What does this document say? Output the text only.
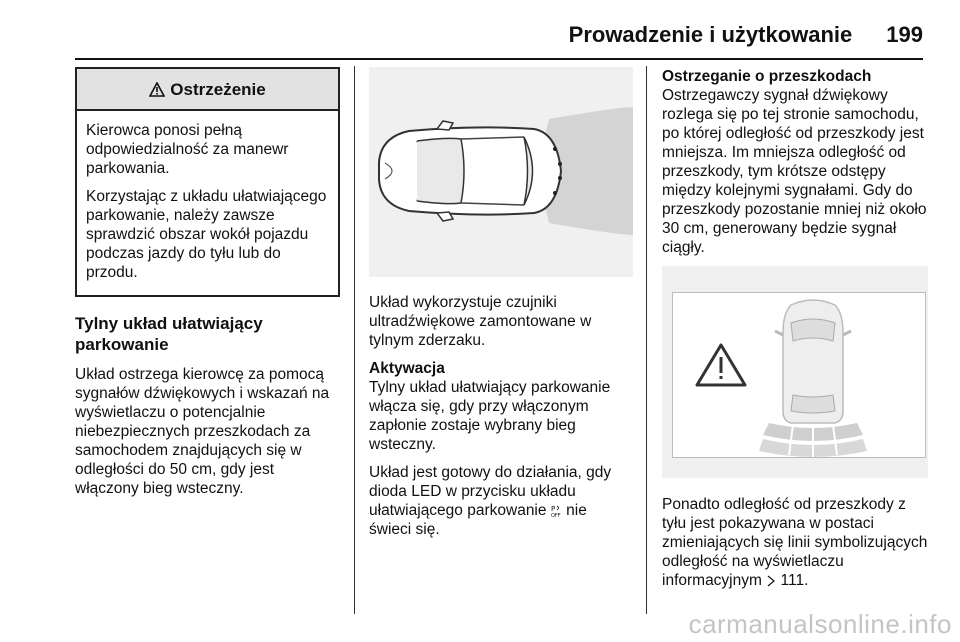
Prowadzenie i użytkowanie 199
Ostrzeżenie

Kierowca ponosi pełną odpowiedzialność za manewr parkowania.

Korzystając z układu ułatwiającego parkowanie, należy zawsze sprawdzić obszar wokół pojazdu podczas jazdy do tyłu lub do przodu.

Tylny układ ułatwiający parkowanie

Układ ostrzega kierowcę za pomocą sygnałów dźwiękowych i wskazań na wyświetlaczu o potencjalnie niebezpiecznych przeszkodach za samochodem znajdujących się w odległości do 50 cm, gdy jest włączony bieg wsteczny.

Układ wykorzystuje czujniki ultradźwiękowe zamontowane w tylnym zderzaku.

Aktywacja

Tylny układ ułatwiający parkowanie włącza się, gdy przy włączonym zapłonie zostaje wybrany bieg wsteczny.

Układ jest gotowy do działania, gdy dioda LED w przycisku układu ułatwiającego parkowanie P
OFF nie świeci się.

Ostrzeganie o przeszkodach

Ostrzegawczy sygnał dźwiękowy rozlega się po tej stronie samochodu, po której odległość od przeszkody jest mniejsza. Im mniejsza odległość od przeszkody, tym krótsze odstępy między kolejnymi sygnałami. Gdy do przeszkody pozostanie mniej niż około 30 cm, generowany będzie sygnał ciągły.

Ponadto odległość od przeszkody z tyłu jest pokazywana w postaci zmieniających się linii symbolizujących odległość na wyświetlaczu informacyjnym 111.

carmanualsonline.info
